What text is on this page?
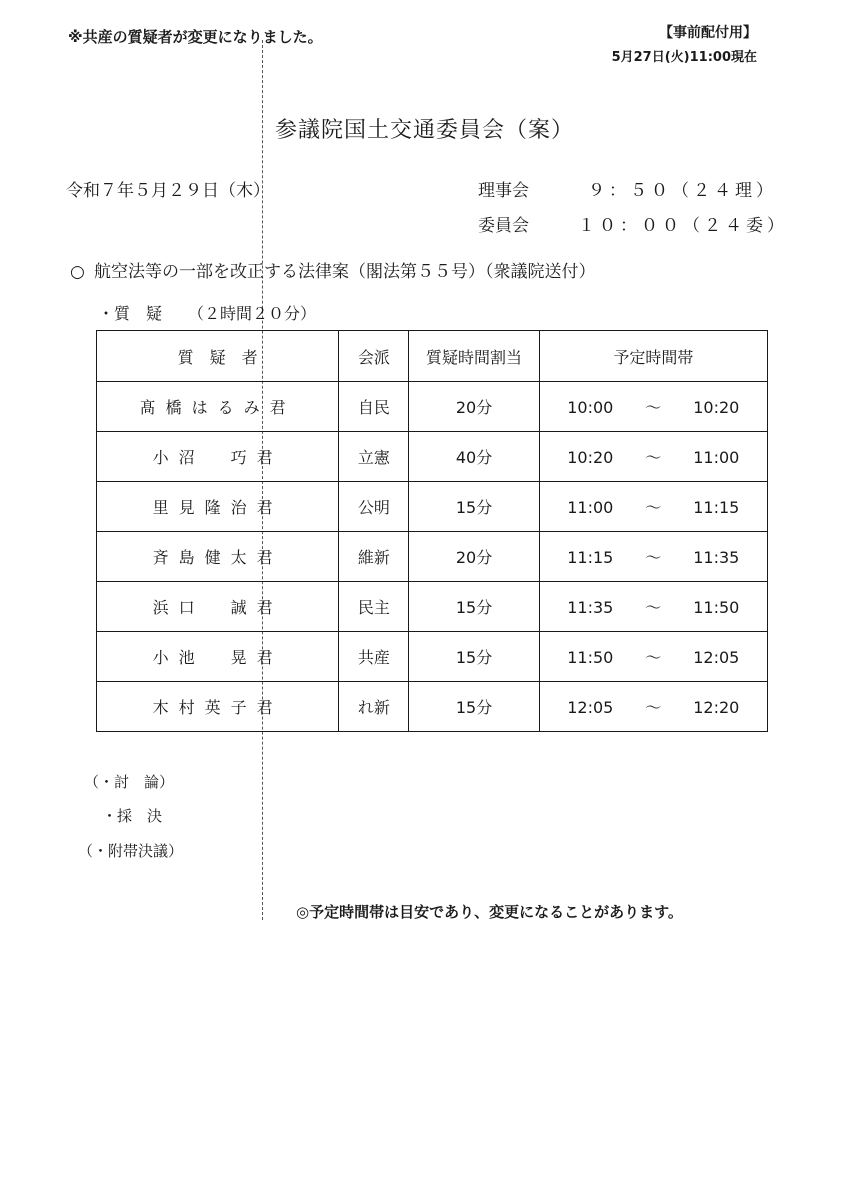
※共産の質疑者が変更になりました。	【事前配付用】
5月27日(火)11:00現在
参議院国土交通委員会（案）
令和７年５月２９日（木）	理事会	９：５０（２４理）
委員会	１０：００（２４委）
○ 航空法等の一部を改正する法律案（閣法第５５号）（衆議院送付）
・質　疑 （２時間２０分）
質　疑　者	会派	質疑時間割当	予定時間帯
髙橋はるみ君	自民	20分	10:00 ～ 10:20
小沼　巧君	立憲	40分	10:20 ～ 11:00
里見隆治君	公明	15分	11:00 ～ 11:15
斉島健太君	維新	20分	11:15 ～ 11:35
浜口　誠君	民主	15分	11:35 ～ 11:50
小池　晃君	共産	15分	11:50 ～ 12:05
木村英子君	れ新	15分	12:05 ～ 12:20
（・討　論）
・採　決
（・附帯決議）
◎予定時間帯は目安であり、変更になることがあります。
